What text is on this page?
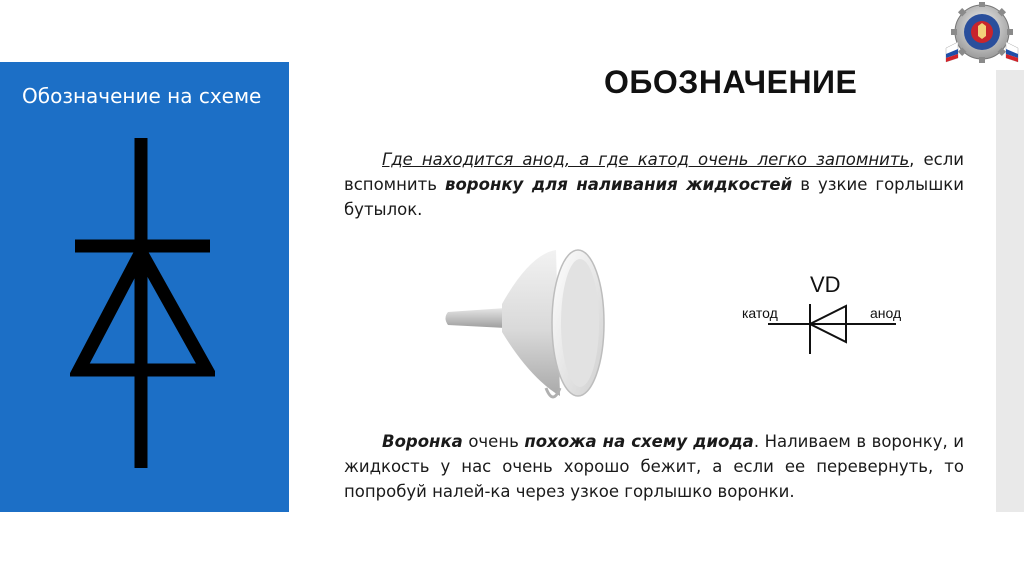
Обозначение на схеме	ОБОЗНАЧЕНИЕ
Где находится анод, а где катод очень легко запомнить, если вспомнить воронку для наливания жидкостей в узкие горлышки бутылок.
VD
катод	анод
Воронка очень похожа на схему диода. Наливаем в воронку, и жидкость у нас очень хорошо бежит, а если ее перевернуть, то попробуй налей-ка через узкое горлышко воронки.
